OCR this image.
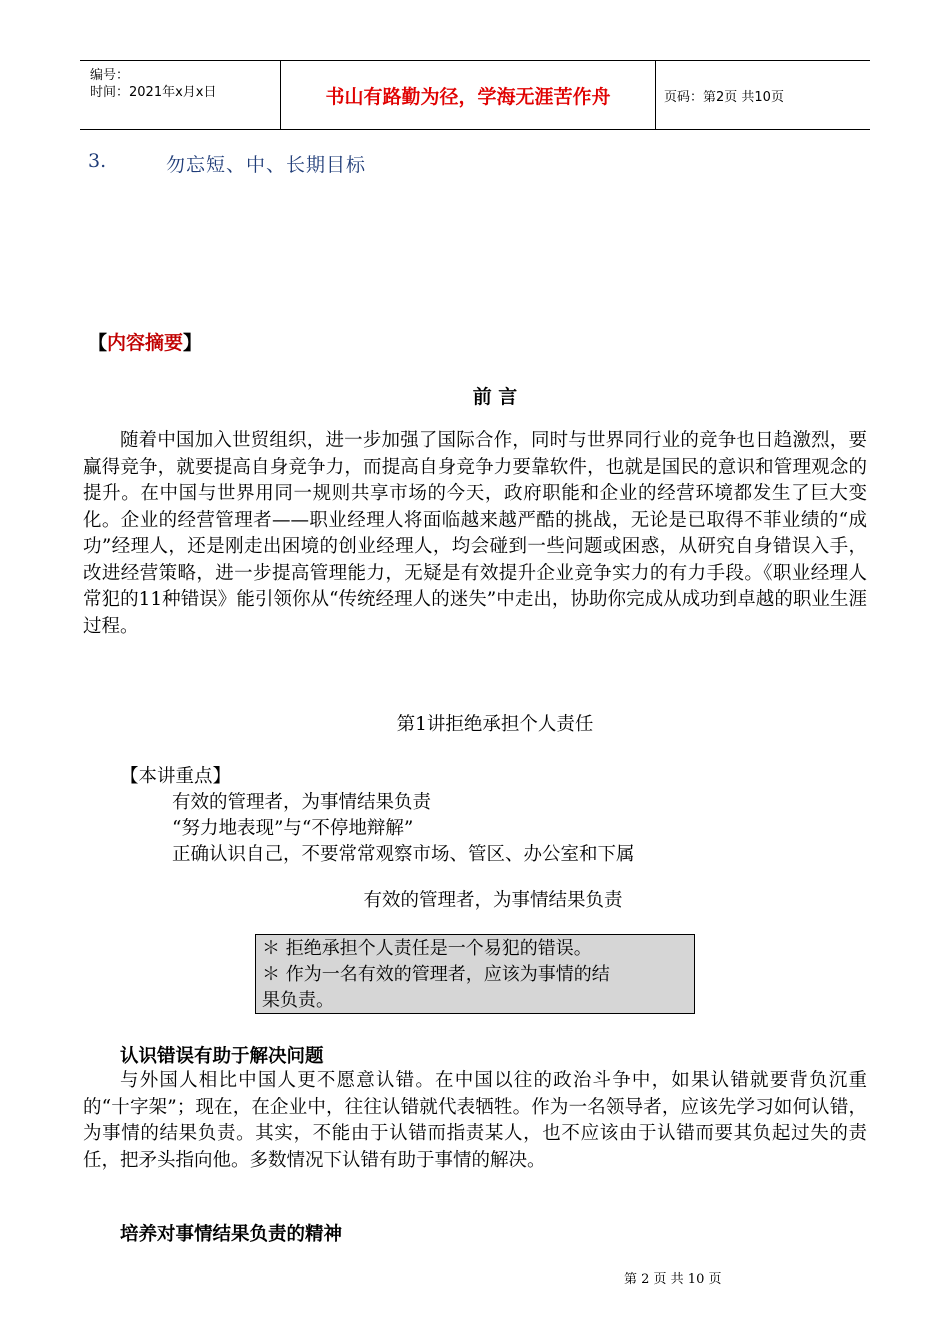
编号：
时间：2021年x月x日	书山有路勤为径，学海无涯苦作舟	页码：第2页 共10页
3.	勿忘短、中、长期目标
【内容摘要】
前 言
随着中国加入世贸组织，进一步加强了国际合作，同时与世界同行业的竞争也日趋激烈，要赢得竞争，就要提高自身竞争力，而提高自身竞争力要靠软件，也就是国民的意识和管理观念的提升。在中国与世界用同一规则共享市场的今天，政府职能和企业的经营环境都发生了巨大变化。企业的经营管理者——职业经理人将面临越来越严酷的挑战，无论是已取得不菲业绩的“成功”经理人，还是刚走出困境的创业经理人，均会碰到一些问题或困惑，从研究自身错误入手，改进经营策略，进一步提高管理能力，无疑是有效提升企业竞争实力的有力手段。《职业经理人常犯的11种错误》能引领你从“传统经理人的迷失”中走出，协助你完成从成功到卓越的职业生涯过程。
第1讲拒绝承担个人责任
【本讲重点】
有效的管理者，为事情结果负责
“努力地表现”与“不停地辩解”
正确认识自己，不要常常观察市场、管区、办公室和下属
有效的管理者，为事情结果负责
＊ 拒绝承担个人责任是一个易犯的错误。
＊ 作为一名有效的管理者，应该为事情的结
果负责。
认识错误有助于解决问题
与外国人相比中国人更不愿意认错。在中国以往的政治斗争中，如果认错就要背负沉重的“十字架”；现在，在企业中，往往认错就代表牺牲。作为一名领导者，应该先学习如何认错，为事情的结果负责。其实，不能由于认错而指责某人，也不应该由于认错而要其负起过失的责任，把矛头指向他。多数情况下认错有助于事情的解决。
培养对事情结果负责的精神
第 2 页 共 10 页
